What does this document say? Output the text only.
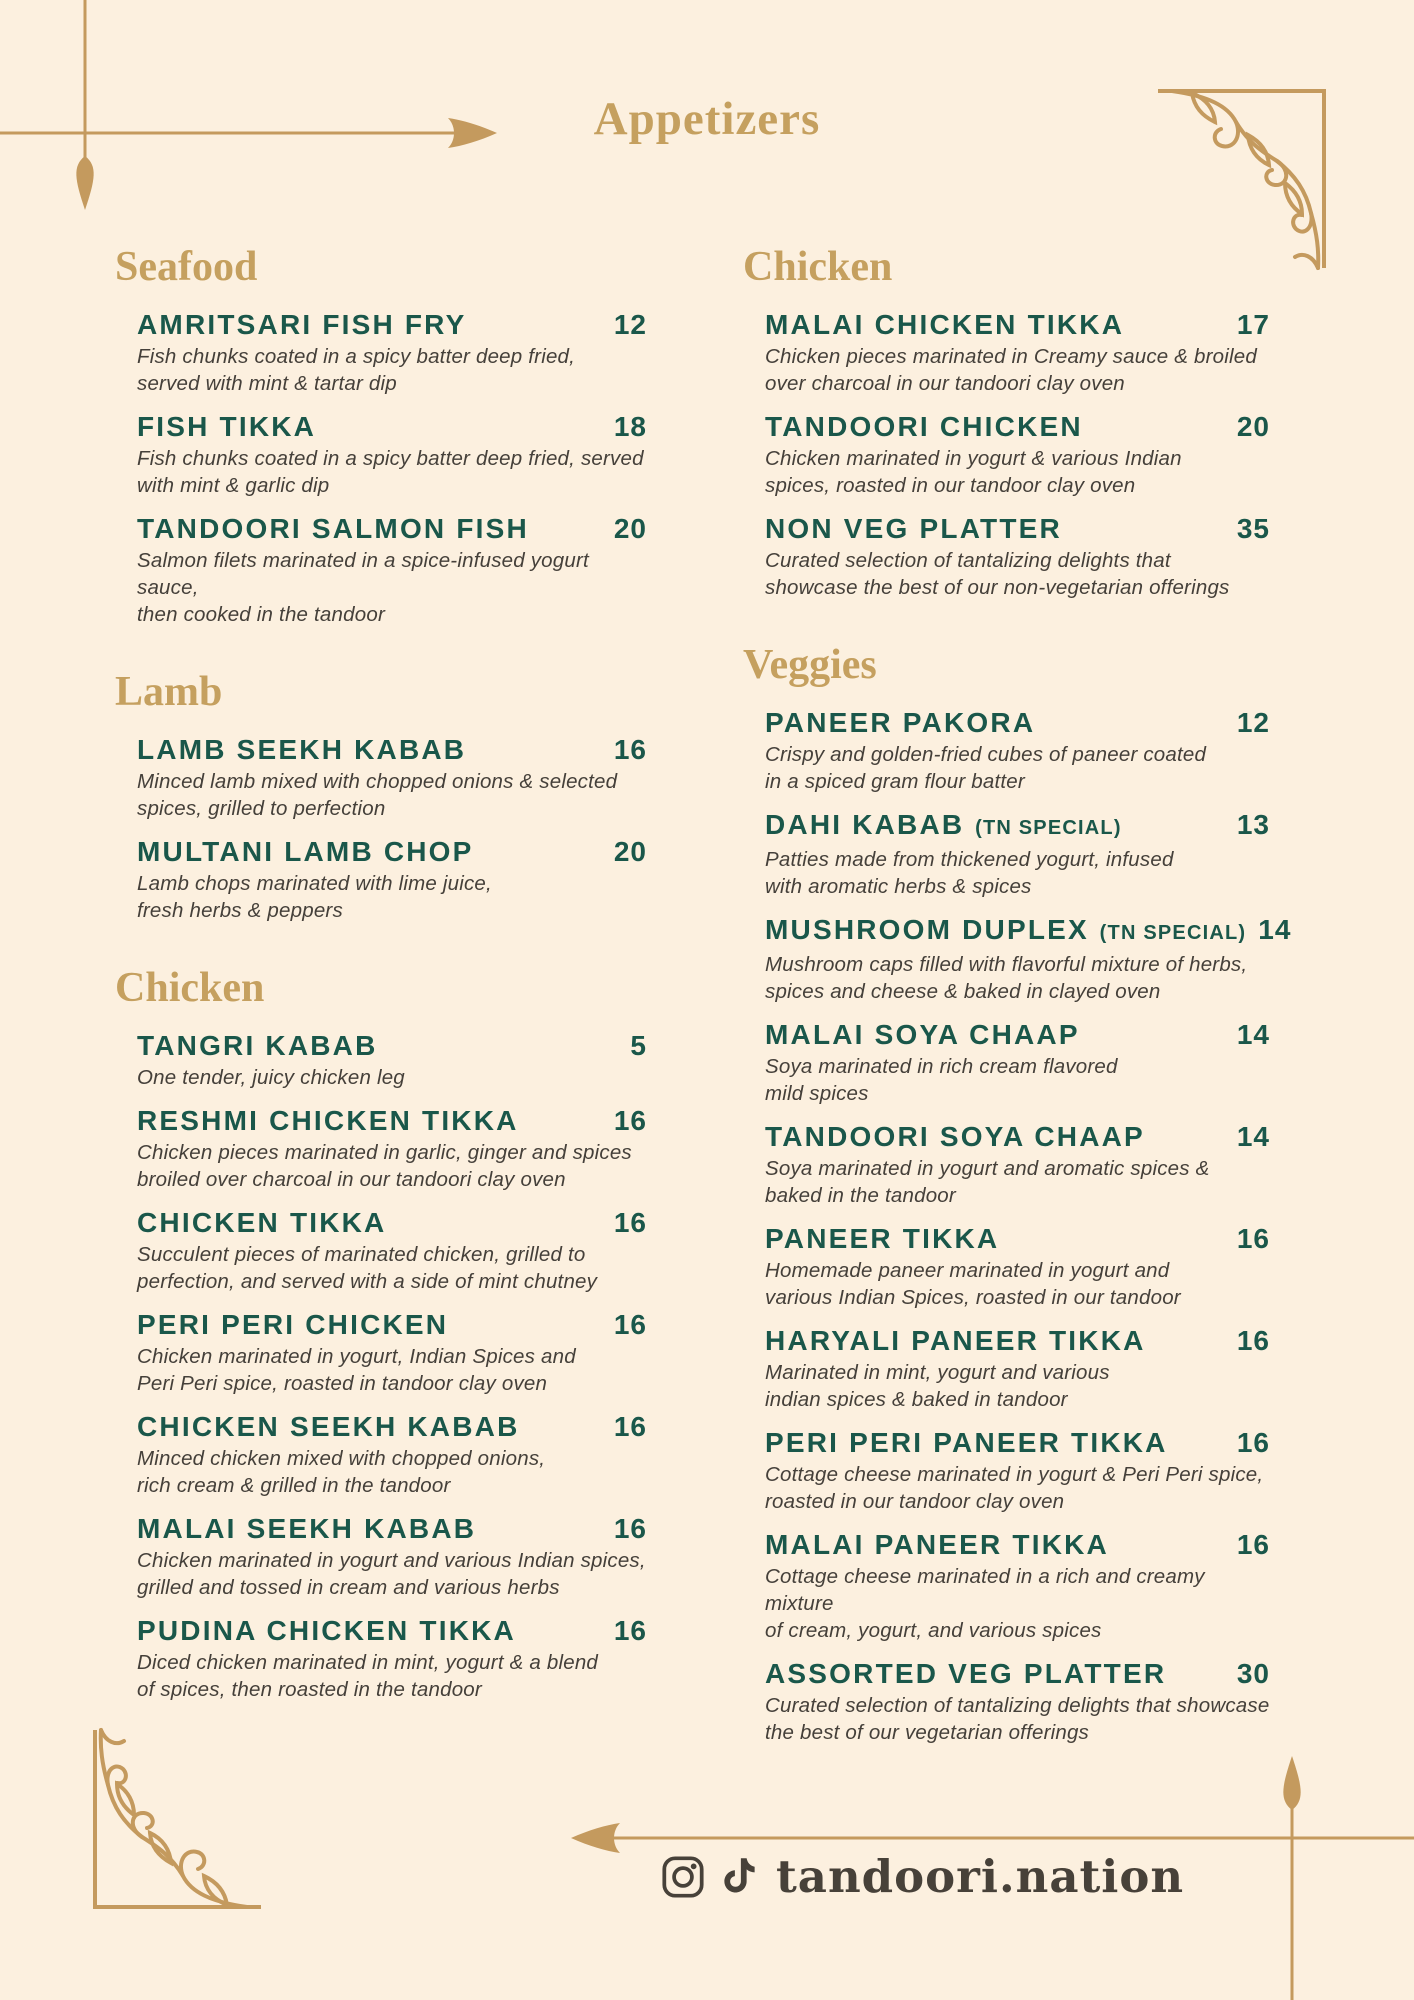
Appetizers
Seafood
AMRITSARI FISH FRY	12
Fish chunks coated in a spicy batter deep fried,
served with mint & tartar dip
FISH TIKKA	18
Fish chunks coated in a spicy batter deep fried, served
with mint & garlic dip
TANDOORI SALMON FISH	20
Salmon filets marinated in a spice-infused yogurt sauce,
then cooked in the tandoor
Lamb
LAMB SEEKH KABAB	16
Minced lamb mixed with chopped onions & selected
spices, grilled to perfection
MULTANI LAMB CHOP	20
Lamb chops marinated with lime juice,
fresh herbs & peppers
Chicken
TANGRI KABAB	5
One tender, juicy chicken leg
RESHMI CHICKEN TIKKA	16
Chicken pieces marinated in garlic, ginger and spices
broiled over charcoal in our tandoori clay oven
CHICKEN TIKKA	16
Succulent pieces of marinated chicken, grilled to
perfection, and served with a side of mint chutney
PERI PERI CHICKEN	16
Chicken marinated in yogurt, Indian Spices and
Peri Peri spice, roasted in tandoor clay oven
CHICKEN SEEKH KABAB	16
Minced chicken mixed with chopped onions,
rich cream & grilled in the tandoor
MALAI SEEKH KABAB	16
Chicken marinated in yogurt and various Indian spices,
grilled and tossed in cream and various herbs
PUDINA CHICKEN TIKKA	16
Diced chicken marinated in mint, yogurt & a blend
of spices, then roasted in the tandoor
Chicken
MALAI CHICKEN TIKKA	17
Chicken pieces marinated in Creamy sauce & broiled
over charcoal in our tandoori clay oven
TANDOORI CHICKEN	20
Chicken marinated in yogurt & various Indian
spices, roasted in our tandoor clay oven
NON VEG PLATTER	35
Curated selection of tantalizing delights that
showcase the best of our non-vegetarian offerings
Veggies
PANEER PAKORA	12
Crispy and golden-fried cubes of paneer coated
in a spiced gram flour batter
DAHI KABAB (TN SPECIAL)	13
Patties made from thickened yogurt, infused
with aromatic herbs & spices
MUSHROOM DUPLEX (TN SPECIAL) 14
Mushroom caps filled with flavorful mixture of herbs,
spices and cheese & baked in clayed oven
MALAI SOYA CHAAP	14
Soya marinated in rich cream flavored
mild spices
TANDOORI SOYA CHAAP	14
Soya marinated in yogurt and aromatic spices &
baked in the tandoor
PANEER TIKKA	16
Homemade paneer marinated in yogurt and
various Indian Spices, roasted in our tandoor
HARYALI PANEER TIKKA	16
Marinated in mint, yogurt and various
indian spices & baked in tandoor
PERI PERI PANEER TIKKA 16
Cottage cheese marinated in yogurt & Peri Peri spice,
roasted in our tandoor clay oven
MALAI PANEER TIKKA	16
Cottage cheese marinated in a rich and creamy mixture
of cream, yogurt, and various spices
ASSORTED VEG PLATTER	30
Curated selection of tantalizing delights that showcase
the best of our vegetarian offerings
tandoori.nation
